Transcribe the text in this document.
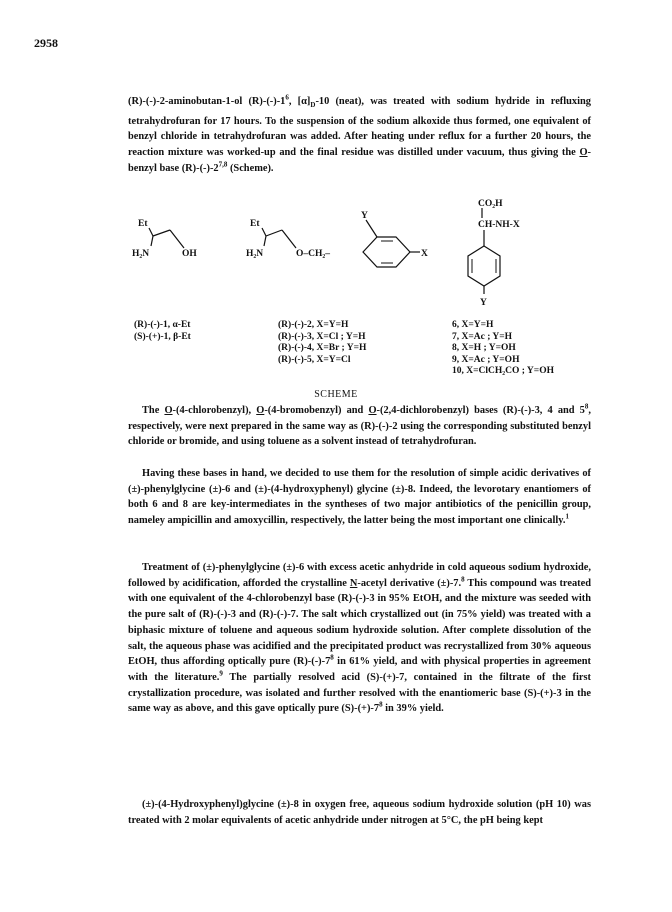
2958
(R)-(-)-2-aminobutan-1-ol $(R)-(-)-1^6$, $[\alpha]_D-10$ (neat), was treated with sodium hydride in refluxing tetrahydrofuran for 17 hours. To the suspension of the sodium alkoxide thus formed, one equivalent of benzyl chloride in tetrahydrofuran was added. After heating under reflux for a further 20 hours, the reaction mixture was worked-up and the final residue was distilled under vacuum, thus giving the O-benzyl base (R)-(-)-2$^{7,8}$ (Scheme).
Et
H₂N	OH
Et
H₂N	O–CH₂–
Y
X
CO₂H
CH-NH-X
Y
(R)-(-)-1, α-Et
(S)-(+)-1, β-Et
(R)-(-)-2, X=Y=H
(R)-(-)-3, X=Cl ; Y=H
(R)-(-)-4, X=Br ; Y=H
(R)-(-)-5, X=Y=Cl
6, X=Y=H
7, X=Ac ; Y=H
8, X=H ; Y=OH
9, X=Ac ; Y=OH
10, X=ClCH₂CO ; Y=OH
SCHEME
The O-(4-chlorobenzyl), O-(4-bromobenzyl) and O-(2,4-dichlorobenzyl) bases (R)-(-)-3, 4 and $5^8$, respectively, were next prepared in the same way as (R)-(-)-2 using the corresponding substituted benzyl chloride or bromide, and using toluene as a solvent instead of tetrahydrofuran.
Having these bases in hand, we decided to use them for the resolution of simple acidic derivatives of (±)-phenylglycine (±)-6 and (±)-(4-hydroxyphenyl) glycine (±)-8. Indeed, the levorotary enantiomers of both 6 and 8 are key-intermediates in the syntheses of two major antibiotics of the penicillin group, nameley ampicillin and amoxycillin, respectively, the latter being the most important one clinically.$^1$
Treatment of (±)-phenylglycine (±)-6 with excess acetic anhydride in cold aqueous sodium hydroxide, followed by acidification, afforded the crystalline N-acetyl derivative (±)-7.$^8$ This compound was treated with one equivalent of the 4-chlorobenzyl base (R)-(-)-3 in 95% EtOH, and the mixture was seeded with the pure salt of (R)-(-)-3 and (R)-(-)-7. The salt which crystallized out (in 75% yield) was treated with a biphasic mixture of toluene and aqueous sodium hydroxide solution. After complete dissolution of the salt, the aqueous phase was acidified and the precipitated product was recrystallized from 30% aqueous EtOH, thus affording optically pure $(R)-(-)-7^8$ in 61% yield, and with physical properties in agreement with the literature.$^9$ The partially resolved acid (S)-(+)-7, contained in the filtrate of the first crystallization procedure, was isolated and further resolved with the enantiomeric base (S)-(+)-3 in the same way as above, and this gave optically pure $(S)-(+)-7^8$ in 39% yield.
(±)-(4-Hydroxyphenyl)glycine (±)-8 in oxygen free, aqueous sodium hydroxide solution (pH 10) was treated with 2 molar equivalents of acetic anhydride under nitrogen at 5°C, the pH being kept
